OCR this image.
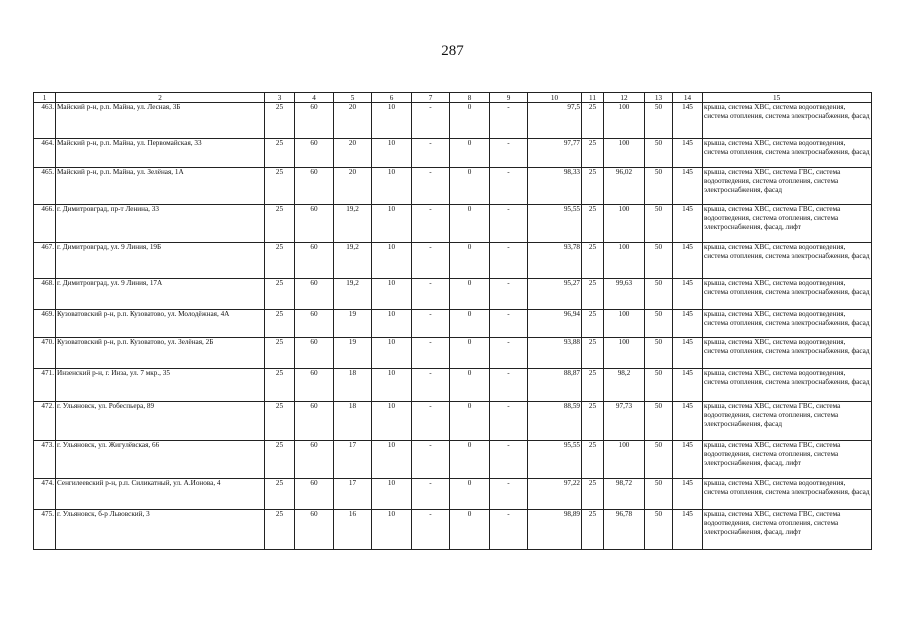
287
1	2	3	4	5	6	7	8	9	10	11	12	13	14	15
463.	Майский р-н, р.п. Майна, ул. Лесная, 3Б	25	60	20	10	-	0	-	97,5	25	100	50	145	крыша, система ХВС, система водоотведения, система отопления, система электроснабжения, фасад
464.	Майский р-н, р.п. Майна, ул. Первомайская, 33	25	60	20	10	-	0	-	97,77	25	100	50	145	крыша, система ХВС, система водоотведения, система отопления, система электроснабжения, фасад
465.	Майский р-н, р.п. Майна, ул. Зелёная, 1А	25	60	20	10	-	0	-	98,33	25	96,02	50	145	крыша, система ХВС, система ГВС, система водоотведения, система отопления, система электроснабжения, фасад
466.	г. Димитровград, пр-т Ленина, 33	25	60	19,2	10	-	0	-	95,55	25	100	50	145	крыша, система ХВС, система ГВС, система водоотведения, система отопления, система электроснабжения, фасад, лифт
467.	г. Димитровград, ул. 9 Линия, 19Б	25	60	19,2	10	-	0	-	93,78	25	100	50	145	крыша, система ХВС, система водоотведения, система отопления, система электроснабжения, фасад
468.	г. Димитровград, ул. 9 Линия, 17А	25	60	19,2	10	-	0	-	95,27	25	99,63	50	145	крыша, система ХВС, система водоотведения, система отопления, система электроснабжения, фасад
469.	Кузоватовский р-н, р.п. Кузоватово, ул. Молодёжная, 4А	25	60	19	10	-	0	-	96,94	25	100	50	145	крыша, система ХВС, система водоотведения, система отопления, система электроснабжения, фасад
470.	Кузоватовский р-н, р.п. Кузоватово, ул. Зелёная, 2Б	25	60	19	10	-	0	-	93,88	25	100	50	145	крыша, система ХВС, система водоотведения, система отопления, система электроснабжения, фасад
471.	Инзенский р-н, г. Инза, ул. 7 мкр., 35	25	60	18	10	-	0	-	88,87	25	98,2	50	145	крыша, система ХВС, система водоотведения, система отопления, система электроснабжения, фасад
472.	г. Ульяновск, ул. Робеспьера, 89	25	60	18	10	-	0	-	88,59	25	97,73	50	145	крыша, система ХВС, система ГВС, система водоотведения, система отопления, система электроснабжения, фасад
473.	г. Ульяновск, ул. Жигулёвская, 66	25	60	17	10	-	0	-	95,55	25	100	50	145	крыша, система ХВС, система ГВС, система водоотведения, система отопления, система электроснабжения, фасад, лифт
474.	Сенгилеевский р-н, р.п. Силикатный, ул. А.Ионова, 4	25	60	17	10	-	0	-	97,22	25	98,72	50	145	крыша, система ХВС, система водоотведения, система отопления, система электроснабжения, фасад
475.	г. Ульяновск, б-р Львовский, 3	25	60	16	10	-	0	-	98,89	25	96,78	50	145	крыша, система ХВС, система ГВС, система водоотведения, система отопления, система электроснабжения, фасад, лифт
